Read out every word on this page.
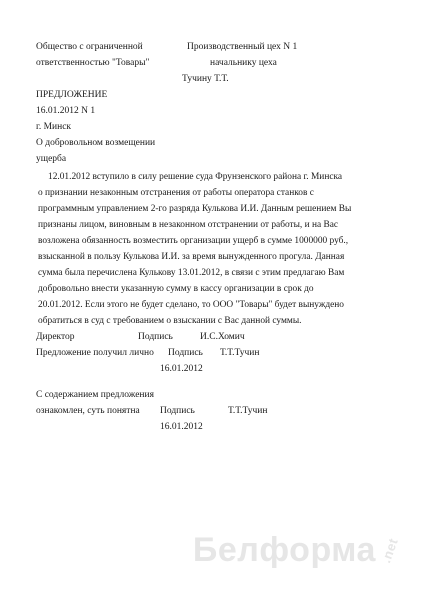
Общество с ограниченной
ответственностью "Товары"
Производственный цех N 1
начальнику цеха
Тучину Т.Т.
ПРЕДЛОЖЕНИЕ
16.01.2012 N 1
г. Минск
О добровольном возмещении
ущерба
12.01.2012 вступило в силу решение суда Фрунзенского района г. Минска
о признании незаконным отстранения от работы оператора станков с
программным управлением 2-го разряда Кулькова И.И. Данным решением Вы
признаны лицом, виновным в незаконном отстранении от работы, и на Вас
возложена обязанность возместить организации ущерб в сумме 1000000 руб.,
взысканной в пользу Кулькова И.И. за время вынужденного прогула. Данная
сумма была перечислена Кулькову 13.01.2012, в связи с этим предлагаю Вам
добровольно внести указанную сумму в кассу организации в срок до
20.01.2012. Если этого не будет сделано, то ООО "Товары" будет вынуждено
обратиться в суд с требованием о взыскании с Вас данной суммы.
Директор	Подпись	И.С.Хомич
Предложение получил лично Подпись Т.Т.Тучин
16.01.2012
С содержанием предложения
ознакомлен, суть понятна Подпись	Т.Т.Тучин
16.01.2012
Белформа .net
